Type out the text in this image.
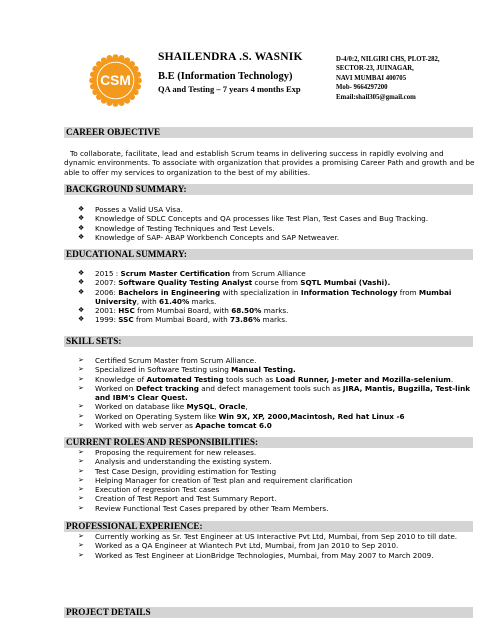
CSM
SHAILENDRA .S. WASNIK
B.E (Information Technology)
QA and Testing – 7 years 4 months Exp
D-4/0:2, NILGIRI CHS, PLOT-282,
SECTOR-23, JUINAGAR,
NAVI MUMBAI 400705
Mob- 9664297200
Email:shail305@gmail.com
CAREER OBJECTIVE
To collaborate, facilitate, lead and establish Scrum teams in delivering success in rapidly evolving and dynamic environments. To associate with organization that provides a promising Career Path and growth and be able to offer my services to organization to the best of my abilities.
BACKGROUND SUMMARY:
❖ Posses a Valid USA Visa.
❖ Knowledge of SDLC Concepts and QA processes like Test Plan, Test Cases and Bug Tracking.
❖ Knowledge of Testing Techniques and Test Levels.
❖ Knowledge of SAP- ABAP Workbench Concepts and SAP Netweaver.
EDUCATIONAL SUMMARY:
❖ 2015 : Scrum Master Certification from Scrum Alliance
❖ 2007: Software Quality Testing Analyst course from SQTL Mumbai (Vashi).
❖ 2006: Bachelors in Engineering with specialization in Information Technology from Mumbai University, with 61.40% marks.
❖ 2001: HSC from Mumbai Board, with 68.50% marks.
❖ 1999: SSC from Mumbai Board, with 73.86% marks.
SKILL SETS:
➢ Certified Scrum Master from Scrum Alliance.
➢ Specialized in Software Testing using Manual Testing.
➢ Knowledge of Automated Testing tools such as Load Runner, J-meter and Mozilla-selenium.
➢ Worked on Defect tracking and defect management tools such as JIRA, Mantis, Bugzilla, Test-link and IBM's Clear Quest.
➢ Worked on database like MySQL, Oracle,
➢ Worked on Operating System like Win 9X, XP, 2000,Macintosh, Red hat Linux -6
➢ Worked with web server as Apache tomcat 6.0
CURRENT ROLES AND RESPONSIBILITIES:
➢ Proposing the requirement for new releases.
➢ Analysis and understanding the existing system.
➢ Test Case Design, providing estimation for Testing
➢ Helping Manager for creation of Test plan and requirement clarification
➢ Execution of regression Test cases
➢ Creation of Test Report and Test Summary Report.
➢ Review Functional Test Cases prepared by other Team Members.
PROFESSIONAL EXPERIENCE:
➢ Currently working as Sr. Test Engineer at US Interactive Pvt Ltd, Mumbai, from Sep 2010 to till date.
➢ Worked as a QA Engineer at Wiantech Pvt Ltd, Mumbai, from Jan 2010 to Sep 2010.
➢ Worked as Test Engineer at LionBridge Technologies, Mumbai, from May 2007 to March 2009.
PROJECT DETAILS
